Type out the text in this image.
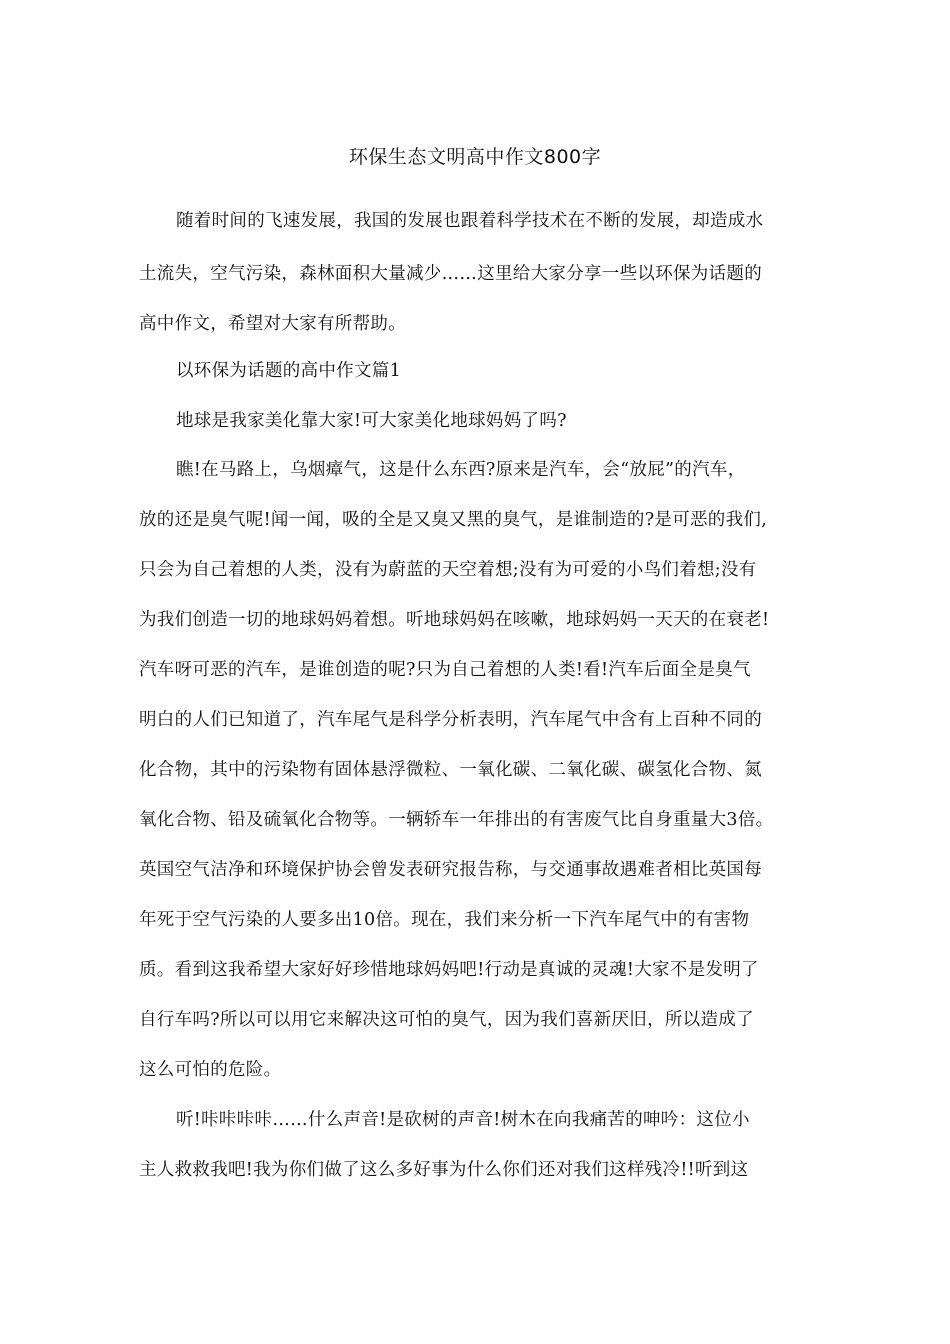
环保生态文明高中作文800字
随着时间的飞速发展，我国的发展也跟着科学技术在不断的发展，却造成水
土流失，空气污染，森林面积大量减少……这里给大家分享一些以环保为话题的
高中作文，希望对大家有所帮助。
以环保为话题的高中作文篇1
地球是我家美化靠大家!可大家美化地球妈妈了吗?
瞧!在马路上，乌烟瘴气，这是什么东西?原来是汽车，会“放屁”的汽车，
放的还是臭气呢!闻一闻，吸的全是又臭又黑的臭气，是谁制造的?是可恶的我们,
只会为自己着想的人类，没有为蔚蓝的天空着想;没有为可爱的小鸟们着想;没有
为我们创造一切的地球妈妈着想。听地球妈妈在咳嗽，地球妈妈一天天的在衰老!
汽车呀可恶的汽车，是谁创造的呢?只为自己着想的人类!看!汽车后面全是臭气
明白的人们已知道了，汽车尾气是科学分析表明，汽车尾气中含有上百种不同的
化合物，其中的污染物有固体悬浮微粒、一氧化碳、二氧化碳、碳氢化合物、氮
氧化合物、铅及硫氧化合物等。一辆轿车一年排出的有害废气比自身重量大3倍。
英国空气洁净和环境保护协会曾发表研究报告称，与交通事故遇难者相比英国每
年死于空气污染的人要多出10倍。现在，我们来分析一下汽车尾气中的有害物
质。看到这我希望大家好好珍惜地球妈妈吧!行动是真诚的灵魂!大家不是发明了
自行车吗?所以可以用它来解决这可怕的臭气，因为我们喜新厌旧，所以造成了
这么可怕的危险。
听!咔咔咔咔……什么声音!是砍树的声音!树木在向我痛苦的呻吟：这位小
主人救救我吧!我为你们做了这么多好事为什么你们还对我们这样残冷!!听到这
